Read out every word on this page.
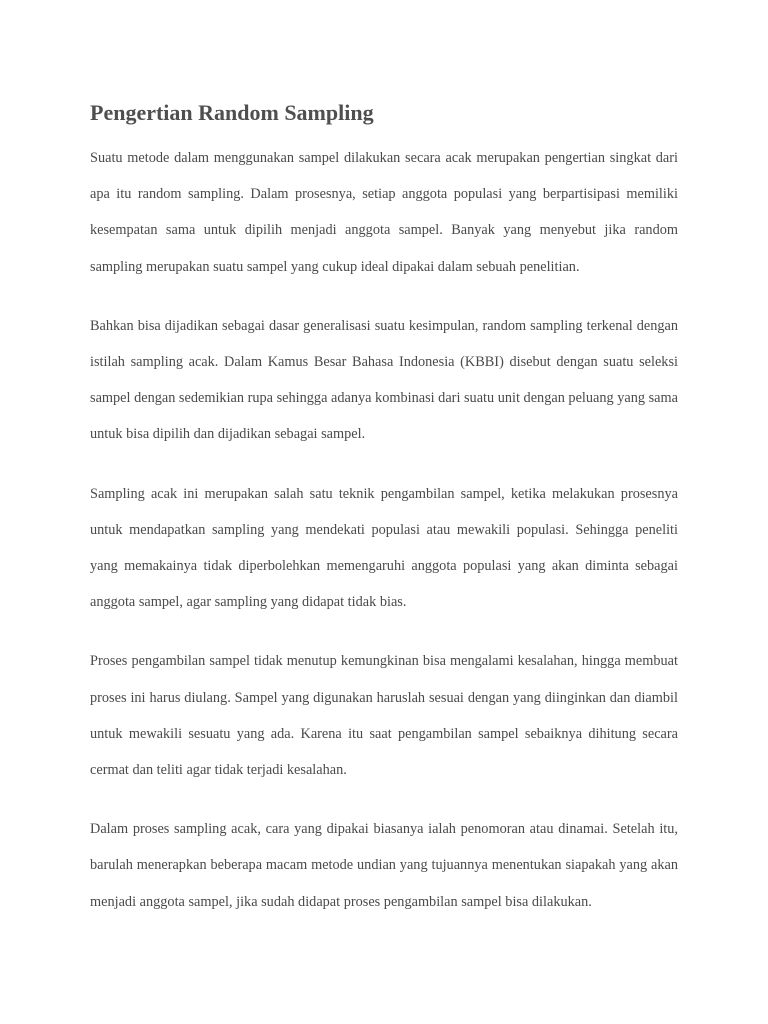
Pengertian Random Sampling

Suatu metode dalam menggunakan sampel dilakukan secara acak merupakan pengertian singkat dari apa itu random sampling. Dalam prosesnya, setiap anggota populasi yang berpartisipasi memiliki kesempatan sama untuk dipilih menjadi anggota sampel. Banyak yang menyebut jika random sampling merupakan suatu sampel yang cukup ideal dipakai dalam sebuah penelitian.

Bahkan bisa dijadikan sebagai dasar generalisasi suatu kesimpulan, random sampling terkenal dengan istilah sampling acak. Dalam Kamus Besar Bahasa Indonesia (KBBI) disebut dengan suatu seleksi sampel dengan sedemikian rupa sehingga adanya kombinasi dari suatu unit dengan peluang yang sama untuk bisa dipilih dan dijadikan sebagai sampel.

Sampling acak ini merupakan salah satu teknik pengambilan sampel, ketika melakukan prosesnya untuk mendapatkan sampling yang mendekati populasi atau mewakili populasi. Sehingga peneliti yang memakainya tidak diperbolehkan memengaruhi anggota populasi yang akan diminta sebagai anggota sampel, agar sampling yang didapat tidak bias.

Proses pengambilan sampel tidak menutup kemungkinan bisa mengalami kesalahan, hingga membuat proses ini harus diulang. Sampel yang digunakan haruslah sesuai dengan yang diinginkan dan diambil untuk mewakili sesuatu yang ada. Karena itu saat pengambilan sampel sebaiknya dihitung secara cermat dan teliti agar tidak terjadi kesalahan.

Dalam proses sampling acak, cara yang dipakai biasanya ialah penomoran atau dinamai. Setelah itu, barulah menerapkan beberapa macam metode undian yang tujuannya menentukan siapakah yang akan menjadi anggota sampel, jika sudah didapat proses pengambilan sampel bisa dilakukan.
